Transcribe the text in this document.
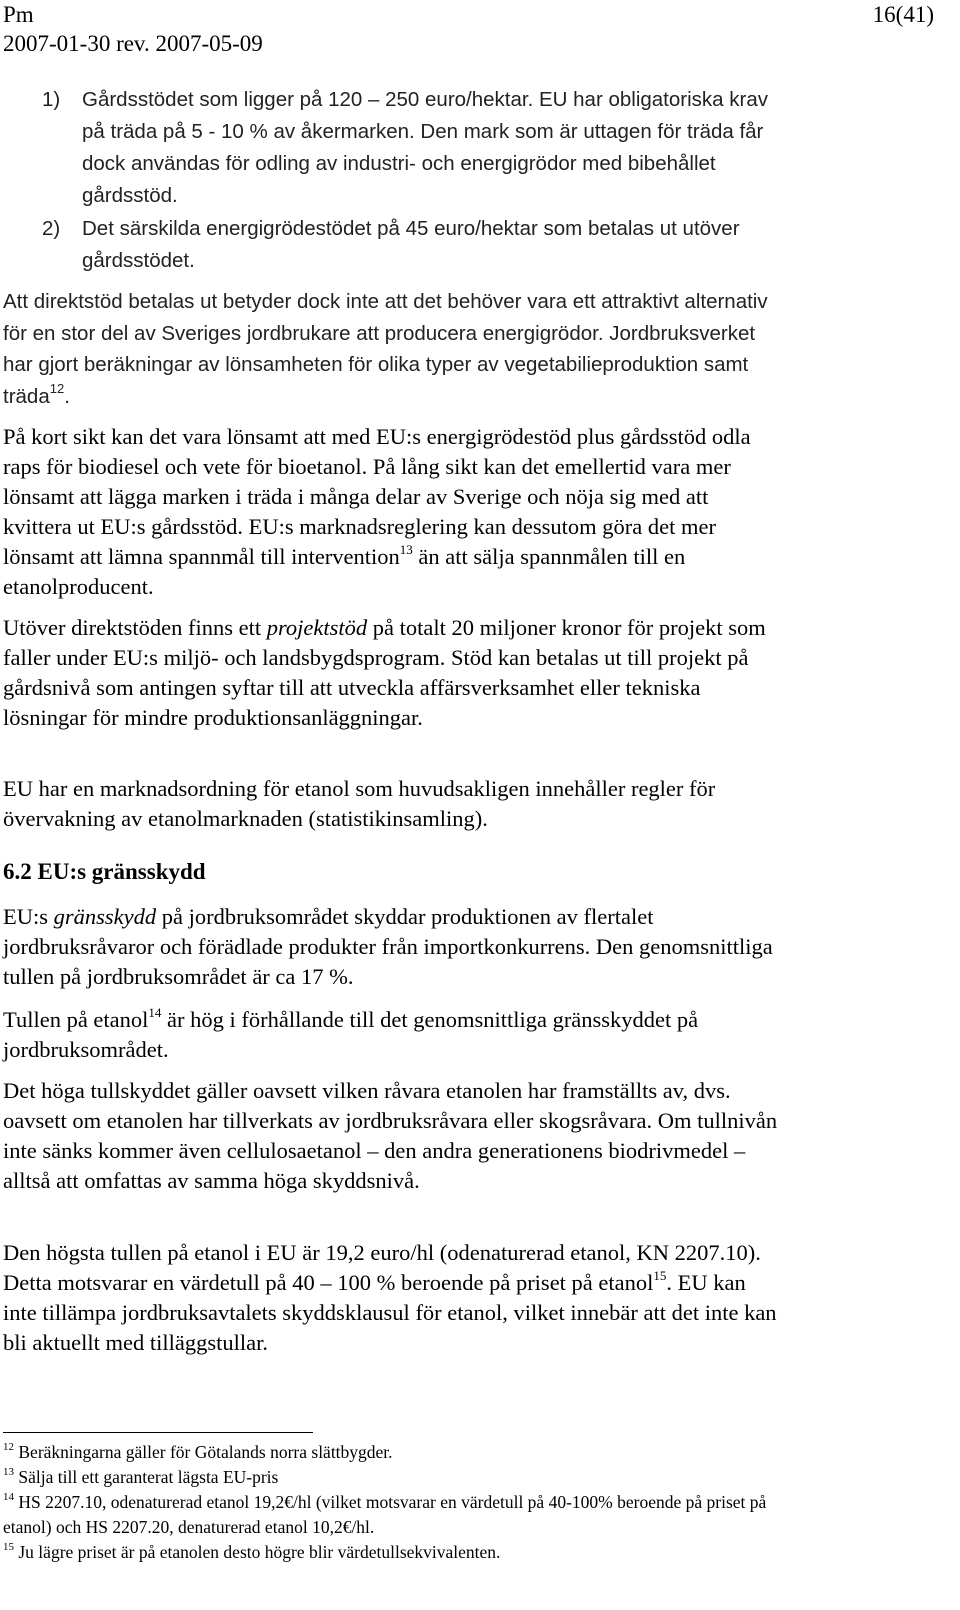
Pm
2007-01-30 rev. 2007-05-09
16(41)
1) Gårdsstödet som ligger på 120 – 250 euro/hektar. EU har obligatoriska krav på träda på 5 - 10 % av åkermarken. Den mark som är uttagen för träda får dock användas för odling av industri- och energigrödor med bibehållet gårdsstöd.
2) Det särskilda energigrödestödet på 45 euro/hektar som betalas ut utöver gårdsstödet.
Att direktstöd betalas ut betyder dock inte att det behöver vara ett attraktivt alternativ för en stor del av Sveriges jordbrukare att producera energigrödor. Jordbruksverket har gjort beräkningar av lönsamheten för olika typer av vegetabilieproduktion samt träda$^{12}$.
På kort sikt kan det vara lönsamt att med EU:s energigrödestöd plus gårdsstöd odla raps för biodiesel och vete för bioetanol. På lång sikt kan det emellertid vara mer lönsamt att lägga marken i träda i många delar av Sverige och nöja sig med att kvittera ut EU:s gårdsstöd. EU:s marknadsreglering kan dessutom göra det mer lönsamt att lämna spannmål till intervention$^{13}$ än att sälja spannmålen till en etanolproducent.
Utöver direktstöden finns ett projektstöd på totalt 20 miljoner kronor för projekt som faller under EU:s miljö- och landsbygdsprogram. Stöd kan betalas ut till projekt på gårdsnivå som antingen syftar till att utveckla affärsverksamhet eller tekniska lösningar för mindre produktionsanläggningar.
EU har en marknadsordning för etanol som huvudsakligen innehåller regler för övervakning av etanolmarknaden (statistikinsamling).
6.2 EU:s gränsskydd
EU:s gränsskydd på jordbruksområdet skyddar produktionen av flertalet jordbruksråvaror och förädlade produkter från importkonkurrens. Den genomsnittliga tullen på jordbruksområdet är ca 17 %.
Tullen på etanol$^{14}$ är hög i förhållande till det genomsnittliga gränsskyddet på jordbruksområdet.
Det höga tullskyddet gäller oavsett vilken råvara etanolen har framställts av, dvs. oavsett om etanolen har tillverkats av jordbruksråvara eller skogsråvara. Om tullnivån inte sänks kommer även cellulosaetanol – den andra generationens biodrivmedel – alltså att omfattas av samma höga skyddsnivå.
Den högsta tullen på etanol i EU är 19,2 euro/hl (odenaturerad etanol, KN 2207.10). Detta motsvarar en värdetull på 40 – 100 % beroende på priset på etanol$^{15}$. EU kan inte tillämpa jordbruksavtalets skyddsklausul för etanol, vilket innebär att det inte kan bli aktuellt med tilläggstullar.
$^{12}$ Beräkningarna gäller för Götalands norra slättbygder.
$^{13}$ Sälja till ett garanterat lägsta EU-pris
$^{14}$ HS 2207.10, odenaturerad etanol 19,2€/hl (vilket motsvarar en värdetull på 40-100% beroende på priset på etanol) och HS 2207.20, denaturerad etanol 10,2€/hl.
$^{15}$ Ju lägre priset är på etanolen desto högre blir värdetullsekvivalenten.
